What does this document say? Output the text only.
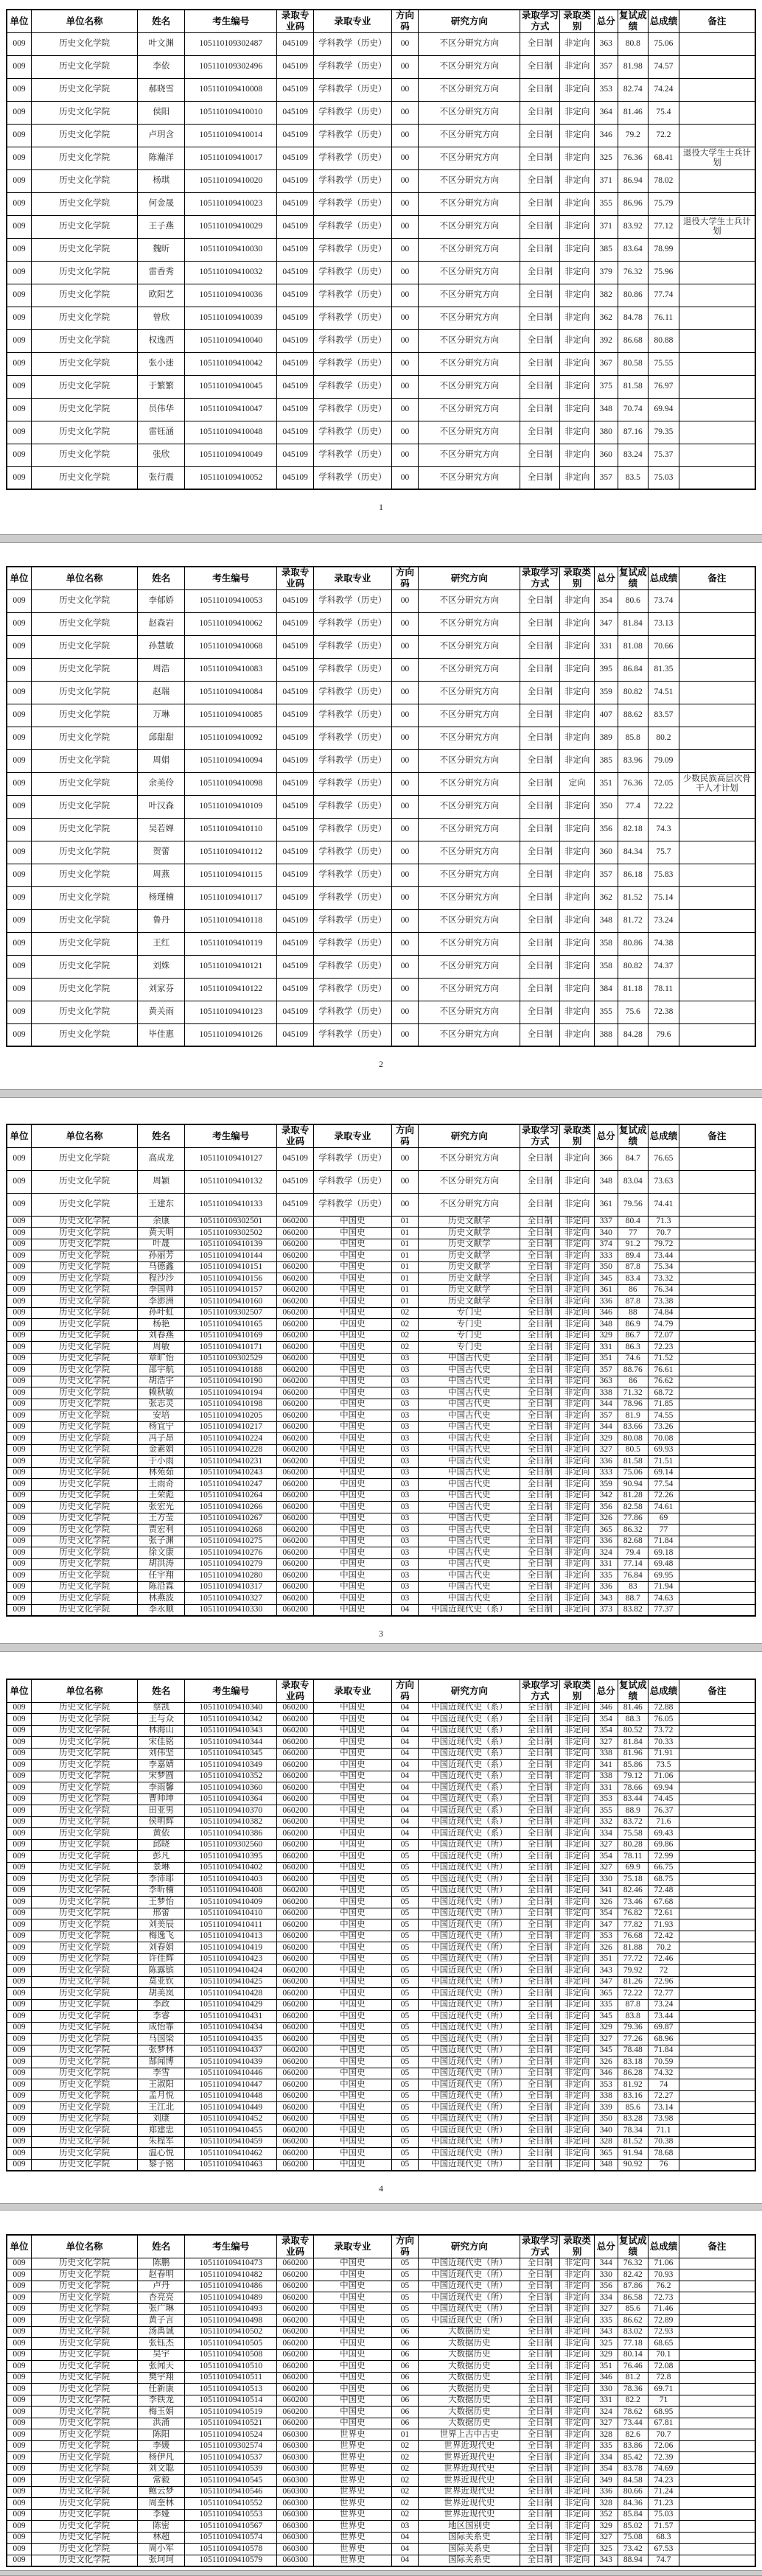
单位	单位名称	姓名	考生编号	录取专业码	录取专业	方向码	研究方向	录取学习方式	录取类别	总分	复试成绩	总成绩	备注
009	历史文化学院	叶文渊	105110109302487	045109	学科教学（历史）	00	不区分研究方向	全日制	非定向	363	80.8	75.06	
009	历史文化学院	李依	105110109302496	045109	学科教学（历史）	00	不区分研究方向	全日制	非定向	357	81.98	74.57	
009	历史文化学院	郝晓雪	105110109410008	045109	学科教学（历史）	00	不区分研究方向	全日制	非定向	353	82.74	74.24	
009	历史文化学院	侯阳	105110109410010	045109	学科教学（历史）	00	不区分研究方向	全日制	非定向	364	81.46	75.4	
009	历史文化学院	卢玥含	105110109410014	045109	学科教学（历史）	00	不区分研究方向	全日制	非定向	346	79.2	72.2	
009	历史文化学院	陈瀚洋	105110109410017	045109	学科教学（历史）	00	不区分研究方向	全日制	非定向	325	76.36	68.41	退役大学生士兵计划
009	历史文化学院	杨琪	105110109410020	045109	学科教学（历史）	00	不区分研究方向	全日制	非定向	371	86.94	78.02	
009	历史文化学院	何金晟	105110109410023	045109	学科教学（历史）	00	不区分研究方向	全日制	非定向	355	86.96	75.79	
009	历史文化学院	王子燕	105110109410029	045109	学科教学（历史）	00	不区分研究方向	全日制	非定向	371	83.92	77.12	退役大学生士兵计划
009	历史文化学院	魏昕	105110109410030	045109	学科教学（历史）	00	不区分研究方向	全日制	非定向	385	83.64	78.99	
009	历史文化学院	雷香秀	105110109410032	045109	学科教学（历史）	00	不区分研究方向	全日制	非定向	379	76.32	75.96	
009	历史文化学院	欧阳艺	105110109410036	045109	学科教学（历史）	00	不区分研究方向	全日制	非定向	382	80.86	77.74	
009	历史文化学院	曾欣	105110109410039	045109	学科教学（历史）	00	不区分研究方向	全日制	非定向	362	84.78	76.11	
009	历史文化学院	权逸西	105110109410040	045109	学科教学（历史）	00	不区分研究方向	全日制	非定向	392	86.68	80.88	
009	历史文化学院	张小迷	105110109410042	045109	学科教学（历史）	00	不区分研究方向	全日制	非定向	367	80.58	75.55	
009	历史文化学院	于繁繁	105110109410045	045109	学科教学（历史）	00	不区分研究方向	全日制	非定向	375	81.58	76.97	
009	历史文化学院	员伟华	105110109410047	045109	学科教学（历史）	00	不区分研究方向	全日制	非定向	348	70.74	69.94	
009	历史文化学院	雷钰涵	105110109410048	045109	学科教学（历史）	00	不区分研究方向	全日制	非定向	380	87.16	79.35	
009	历史文化学院	张欣	105110109410049	045109	学科教学（历史）	00	不区分研究方向	全日制	非定向	360	83.24	75.37	
009	历史文化学院	张行震	105110109410052	045109	学科教学（历史）	00	不区分研究方向	全日制	非定向	357	83.5	75.03	
1
单位	单位名称	姓名	考生编号	录取专业码	录取专业	方向码	研究方向	录取学习方式	录取类别	总分	复试成绩	总成绩	备注
009	历史文化学院	李郁娇	105110109410053	045109	学科教学（历史）	00	不区分研究方向	全日制	非定向	354	80.6	73.74	
009	历史文化学院	赵森岩	105110109410062	045109	学科教学（历史）	00	不区分研究方向	全日制	非定向	347	81.84	73.13	
009	历史文化学院	孙慧敏	105110109410068	045109	学科教学（历史）	00	不区分研究方向	全日制	非定向	331	81.08	70.66	
009	历史文化学院	周浩	105110109410083	045109	学科教学（历史）	00	不区分研究方向	全日制	非定向	395	86.84	81.35	
009	历史文化学院	赵瑞	105110109410084	045109	学科教学（历史）	00	不区分研究方向	全日制	非定向	359	80.82	74.51	
009	历史文化学院	万琳	105110109410085	045109	学科教学（历史）	00	不区分研究方向	全日制	非定向	407	88.62	83.57	
009	历史文化学院	邱甜甜	105110109410092	045109	学科教学（历史）	00	不区分研究方向	全日制	非定向	389	85.8	80.2	
009	历史文化学院	周娟	105110109410094	045109	学科教学（历史）	00	不区分研究方向	全日制	非定向	385	83.96	79.09	
009	历史文化学院	余美伶	105110109410098	045109	学科教学（历史）	00	不区分研究方向	全日制	定向	351	76.36	72.05	少数民族高层次骨干人才计划
009	历史文化学院	叶汉森	105110109410109	045109	学科教学（历史）	00	不区分研究方向	全日制	非定向	350	77.4	72.22	
009	历史文化学院	吴若婵	105110109410110	045109	学科教学（历史）	00	不区分研究方向	全日制	非定向	356	82.18	74.3	
009	历史文化学院	贺蕾	105110109410112	045109	学科教学（历史）	00	不区分研究方向	全日制	非定向	360	84.34	75.7	
009	历史文化学院	周燕	105110109410115	045109	学科教学（历史）	00	不区分研究方向	全日制	非定向	357	86.18	75.83	
009	历史文化学院	杨瑾楠	105110109410117	045109	学科教学（历史）	00	不区分研究方向	全日制	非定向	362	81.52	75.14	
009	历史文化学院	鲁丹	105110109410118	045109	学科教学（历史）	00	不区分研究方向	全日制	非定向	348	81.72	73.24	
009	历史文化学院	王红	105110109410119	045109	学科教学（历史）	00	不区分研究方向	全日制	非定向	358	80.86	74.38	
009	历史文化学院	刘姝	105110109410121	045109	学科教学（历史）	00	不区分研究方向	全日制	非定向	358	80.82	74.37	
009	历史文化学院	刘家芬	105110109410122	045109	学科教学（历史）	00	不区分研究方向	全日制	非定向	384	81.18	78.11	
009	历史文化学院	黄关雨	105110109410123	045109	学科教学（历史）	00	不区分研究方向	全日制	非定向	355	75.6	72.38	
009	历史文化学院	毕佳惠	105110109410126	045109	学科教学（历史）	00	不区分研究方向	全日制	非定向	388	84.28	79.6	
2
单位	单位名称	姓名	考生编号	录取专业码	录取专业	方向码	研究方向	录取学习方式	录取类别	总分	复试成绩	总成绩	备注
009	历史文化学院	高成龙	105110109410127	045109	学科教学（历史）	00	不区分研究方向	全日制	非定向	366	84.7	76.65	
009	历史文化学院	周颖	105110109410132	045109	学科教学（历史）	00	不区分研究方向	全日制	非定向	348	83.04	73.63	
009	历史文化学院	王建东	105110109410133	045109	学科教学（历史）	00	不区分研究方向	全日制	非定向	361	79.56	74.41	
009	历史文化学院	余康	105110109302501	060200	中国史	01	历史文献学	全日制	非定向	337	80.4	71.3	
009	历史文化学院	黄天明	105110109302502	060200	中国史	01	历史文献学	全日制	非定向	340	77	70.7	
009	历史文化学院	叶晟	105110109410139	060200	中国史	01	历史文献学	全日制	非定向	374	91.2	79.72	
009	历史文化学院	孙丽芳	105110109410144	060200	中国史	01	历史文献学	全日制	非定向	333	89.4	73.44	
009	历史文化学院	马德鑫	105110109410151	060200	中国史	01	历史文献学	全日制	非定向	350	87.8	75.34	
009	历史文化学院	程沙沙	105110109410156	060200	中国史	01	历史文献学	全日制	非定向	345	83.4	73.32	
009	历史文化学院	李国帅	105110109410157	060200	中国史	01	历史文献学	全日制	非定向	361	86	76.34	
009	历史文化学院	李澎洲	105110109410160	060200	中国史	01	历史文献学	全日制	非定向	336	87.8	73.38	
009	历史文化学院	孙叶虹	105110109302507	060200	中国史	02	专门史	全日制	非定向	346	88	74.84	
009	历史文化学院	杨艳	105110109410165	060200	中国史	02	专门史	全日制	非定向	348	86.9	74.79	
009	历史文化学院	刘春燕	105110109410169	060200	中国史	02	专门史	全日制	非定向	329	86.7	72.07	
009	历史文化学院	周敏	105110109410171	060200	中国史	02	专门史	全日制	非定向	331	86.3	72.23	
009	历史文化学院	章旷怡	105110109302529	060200	中国史	03	中国古代史	全日制	非定向	351	74.6	71.52	
009	历史文化学院	邵宇航	105110109410188	060200	中国史	03	中国古代史	全日制	非定向	357	88.76	76.61	
009	历史文化学院	胡浩宇	105110109410190	060200	中国史	03	中国古代史	全日制	非定向	363	86	76.62	
009	历史文化学院	赖秋敏	105110109410194	060200	中国史	03	中国古代史	全日制	非定向	338	71.32	68.72	
009	历史文化学院	张志灵	105110109410198	060200	中国史	03	中国古代史	全日制	非定向	344	78.96	71.85	
009	历史文化学院	安培	105110109410205	060200	中国史	03	中国古代史	全日制	非定向	357	81.9	74.55	
009	历史文化学院	杨宜宁	105110109410217	060200	中国史	03	中国古代史	全日制	非定向	344	83.66	73.26	
009	历史文化学院	冯子昂	105110109410224	060200	中国史	03	中国古代史	全日制	非定向	329	80.08	70.08	
009	历史文化学院	金素娟	105110109410228	060200	中国史	03	中国古代史	全日制	非定向	327	80.5	69.93	
009	历史文化学院	于小雨	105110109410231	060200	中国史	03	中国古代史	全日制	非定向	336	81.58	71.51	
009	历史文化学院	林苑茹	105110109410243	060200	中国史	03	中国古代史	全日制	非定向	333	75.06	69.14	
009	历史文化学院	王雨奇	105110109410247	060200	中国史	03	中国古代史	全日制	非定向	359	90.94	77.54	
009	历史文化学院	王荣彪	105110109410264	060200	中国史	03	中国古代史	全日制	非定向	342	81.28	72.26	
009	历史文化学院	张宏光	105110109410266	060200	中国史	03	中国古代史	全日制	非定向	356	82.58	74.61	
009	历史文化学院	王方莹	105110109410267	060200	中国史	03	中国古代史	全日制	非定向	326	77.86	69	
009	历史文化学院	贾宏利	105110109410268	060200	中国史	03	中国古代史	全日制	非定向	365	86.32	77	
009	历史文化学院	张子渊	105110109410275	060200	中国史	03	中国古代史	全日制	非定向	336	82.68	71.84	
009	历史文化学院	徐文康	105110109410276	060200	中国史	03	中国古代史	全日制	非定向	324	79.4	69.18	
009	历史文化学院	胡洪涛	105110109410279	060200	中国史	03	中国古代史	全日制	非定向	331	77.14	69.48	
009	历史文化学院	任宇翔	105110109410280	060200	中国史	03	中国古代史	全日制	非定向	335	76.84	69.95	
009	历史文化学院	陈沿霖	105110109410317	060200	中国史	03	中国古代史	全日制	非定向	336	83	71.94	
009	历史文化学院	林燕波	105110109410327	060200	中国史	03	中国古代史	全日制	非定向	343	88.7	74.63	
009	历史文化学院	李永顺	105110109410330	060200	中国史	04	中国近现代史（系）	全日制	非定向	373	83.82	77.37	
3
单位	单位名称	姓名	考生编号	录取专业码	录取专业	方向码	研究方向	录取学习方式	录取类别	总分	复试成绩	总成绩	备注
009	历史文化学院	蔡凯	105110109410340	060200	中国史	04	中国近现代史（系）	全日制	非定向	346	81.46	72.88	
009	历史文化学院	王与众	105110109410342	060200	中国史	04	中国近现代史（系）	全日制	非定向	354	88.3	76.05	
009	历史文化学院	林海山	105110109410343	060200	中国史	04	中国近现代史（系）	全日制	非定向	354	80.52	73.72	
009	历史文化学院	宋佳铭	105110109410344	060200	中国史	04	中国近现代史（系）	全日制	非定向	327	81.84	70.33	
009	历史文化学院	刘伟坚	105110109410345	060200	中国史	04	中国近现代史（系）	全日制	非定向	338	81.96	71.91	
009	历史文化学院	李嘉婧	105110109410349	060200	中国史	04	中国近现代史（系）	全日制	非定向	341	85.86	73.5	
009	历史文化学院	宋梦圆	105110109410352	060200	中国史	04	中国近现代史（系）	全日制	非定向	338	79.12	71.06	
009	历史文化学院	李雨馨	105110109410360	060200	中国史	04	中国近现代史（系）	全日制	非定向	331	78.66	69.94	
009	历史文化学院	曹帅坤	105110109410364	060200	中国史	04	中国近现代史（系）	全日制	非定向	353	83.44	74.45	
009	历史文化学院	田亚男	105110109410370	060200	中国史	04	中国近现代史（系）	全日制	非定向	355	88.9	76.37	
009	历史文化学院	侯明辉	105110109410382	060200	中国史	04	中国近现代史（系）	全日制	非定向	332	83.72	71.6	
009	历史文化学院	黄依	105110109410386	060200	中国史	04	中国近现代史（系）	全日制	非定向	334	75.58	69.43	
009	历史文化学院	邱晓	105110109302560	060200	中国史	05	中国近现代史（所）	全日制	非定向	327	80.28	69.86	
009	历史文化学院	彭凡	105110109410395	060200	中国史	05	中国近现代史（所）	全日制	非定向	354	78.11	72.99	
009	历史文化学院	景琳	105110109410402	060200	中国史	05	中国近现代史（所）	全日制	非定向	327	69.9	66.75	
009	历史文化学院	李沛耶	105110109410403	060200	中国史	05	中国近现代史（所）	全日制	非定向	330	75.18	68.75	
009	历史文化学院	李昕楠	105110109410408	060200	中国史	05	中国近现代史（所）	全日制	非定向	341	82.46	72.48	
009	历史文化学院	王梦怡	105110109410409	060200	中国史	05	中国近现代史（所）	全日制	非定向	326	73.46	67.68	
009	历史文化学院	邢蕾	105110109410410	060200	中国史	05	中国近现代史（所）	全日制	非定向	354	76.82	72.61	
009	历史文化学院	刘美辰	105110109410411	060200	中国史	05	中国近现代史（所）	全日制	非定向	347	77.82	71.93	
009	历史文化学院	梅逸飞	105110109410413	060200	中国史	05	中国近现代史（所）	全日制	非定向	353	76.68	72.42	
009	历史文化学院	刘春娟	105110109410419	060200	中国史	05	中国近现代史（所）	全日制	非定向	326	81.88	70.2	
009	历史文化学院	许佳辉	105110109410423	060200	中国史	05	中国近现代史（所）	全日制	非定向	351	77.72	72.46	
009	历史文化学院	陈露镔	105110109410424	060200	中国史	05	中国近现代史（所）	全日制	非定向	343	79.92	72	
009	历史文化学院	莫亚钦	105110109410425	060200	中国史	05	中国近现代史（所）	全日制	非定向	347	81.26	72.96	
009	历史文化学院	胡美岚	105110109410428	060200	中国史	05	中国近现代史（所）	全日制	非定向	365	72.22	72.77	
009	历史文化学院	李政	105110109410429	060200	中国史	05	中国近现代史（所）	全日制	非定向	335	87.8	73.24	
009	历史文化学院	李睿	105110109410431	060200	中国史	05	中国近现代史（所）	全日制	非定向	345	83.8	73.44	
009	历史文化学院	成怡霏	105110109410434	060200	中国史	05	中国近现代史（所）	全日制	非定向	329	79.36	69.87	
009	历史文化学院	马国梁	105110109410435	060200	中国史	05	中国近现代史（所）	全日制	非定向	327	77.26	68.96	
009	历史文化学院	张梦林	105110109410437	060200	中国史	05	中国近现代史（所）	全日制	非定向	345	78.48	71.84	
009	历史文化学院	郜闻博	105110109410439	060200	中国史	05	中国近现代史（所）	全日制	非定向	326	83.18	70.59	
009	历史文化学院	李雪	105110109410446	060200	中国史	05	中国近现代史（所）	全日制	非定向	346	86.28	74.32	
009	历史文化学院	王淑阳	105110109410447	060200	中国史	05	中国近现代史（所）	全日制	非定向	353	81.92	74	
009	历史文化学院	孟月悦	105110109410448	060200	中国史	05	中国近现代史（所）	全日制	非定向	338	83.16	72.27	
009	历史文化学院	王江北	105110109410449	060200	中国史	05	中国近现代史（所）	全日制	非定向	339	85.6	73.14	
009	历史文化学院	刘康	105110109410452	060200	中国史	05	中国近现代史（所）	全日制	非定向	350	83.28	73.98	
009	历史文化学院	郑建忠	105110109410455	060200	中国史	05	中国近现代史（所）	全日制	非定向	340	78.34	71.1	
009	历史文化学院	朱程军	105110109410459	060200	中国史	05	中国近现代史（所）	全日制	非定向	328	81.52	70.38	
009	历史文化学院	温心悦	105110109410462	060200	中国史	05	中国近现代史（所）	全日制	非定向	365	91.94	78.68	
009	历史文化学院	黎子铭	105110109410463	060200	中国史	05	中国近现代史（所）	全日制	非定向	348	90.92	76	
4
单位	单位名称	姓名	考生编号	录取专业码	录取专业	方向码	研究方向	录取学习方式	录取类别	总分	复试成绩	总成绩	备注
009	历史文化学院	陈鹏	105110109410473	060200	中国史	05	中国近现代史（所）	全日制	非定向	344	76.32	71.06	
009	历史文化学院	赵春明	105110109410482	060200	中国史	05	中国近现代史（所）	全日制	非定向	330	82.42	70.93	
009	历史文化学院	卢丹	105110109410486	060200	中国史	05	中国近现代史（所）	全日制	非定向	356	87.86	76.2	
009	历史文化学院	杏亮亮	105110109410489	060200	中国史	05	中国近现代史（所）	全日制	非定向	334	86.58	72.73	
009	历史文化学院	张广琳	105110109410493	060200	中国史	05	中国近现代史（所）	全日制	非定向	327	85.6	71.46	
009	历史文化学院	黄子言	105110109410498	060200	中国史	05	中国近现代史（所）	全日制	非定向	335	86.62	72.89	
009	历史文化学院	汤禹诚	105110109410502	060200	中国史	06	大数据历史	全日制	非定向	343	83.02	72.93	
009	历史文化学院	张钰杰	105110109410505	060200	中国史	06	大数据历史	全日制	非定向	325	77.18	68.65	
009	历史文化学院	吴宇	105110109410508	060200	中国史	06	大数据历史	全日制	非定向	329	80.14	70.1	
009	历史文化学院	张闻天	105110109410510	060200	中国史	06	大数据历史	全日制	非定向	351	76.46	72.08	
009	历史文化学院	樊宇翔	105110109410511	060200	中国史	06	大数据历史	全日制	非定向	346	81.2	72.8	
009	历史文化学院	任新康	105110109410513	060200	中国史	06	大数据历史	全日制	非定向	330	78.36	69.71	
009	历史文化学院	李铁龙	105110109410514	060200	中国史	06	大数据历史	全日制	非定向	331	82.2	71	
009	历史文化学院	梅玉娟	105110109410519	060200	中国史	06	大数据历史	全日制	非定向	324	78.62	68.95	
009	历史文化学院	洪涌	105110109410521	060200	中国史	06	大数据历史	全日制	非定向	327	73.44	67.81	
009	历史文化学院	陈阳	105110109410524	060300	世界史	01	世界上古中古史	全日制	非定向	328	82.6	70.7	
009	历史文化学院	李媛	105110109302574	060300	世界史	02	世界近现代史	全日制	非定向	335	83.86	72.06	
009	历史文化学院	杨伊凡	105110109410537	060300	世界史	02	世界近现代史	全日制	非定向	334	85.42	72.39	
009	历史文化学院	刘文聪	105110109410539	060300	世界史	02	世界近现代史	全日制	非定向	354	83.78	74.69	
009	历史文化学院	常毅	105110109410545	060300	世界史	02	世界近现代史	全日制	非定向	349	84.58	74.23	
009	历史文化学院	鲍云梦	105110109410546	060300	世界史	02	世界近现代史	全日制	非定向	336	80.66	71.24	
009	历史文化学院	周奎林	105110109410552	060300	世界史	02	世界近现代史	全日制	非定向	328	84.36	71.23	
009	历史文化学院	李娅	105110109410553	060300	世界史	02	世界近现代史	全日制	非定向	352	85.84	75.03	
009	历史文化学院	陈密	105110109410567	060300	世界史	03	地区国别史	全日制	非定向	329	85.02	71.57	
009	历史文化学院	林超	105110109410574	060300	世界史	04	国际关系史	全日制	非定向	327	75.08	68.3	
009	历史文化学院	周小军	105110109410578	060300	世界史	04	国际关系史	全日制	非定向	325	73.42	67.53	
009	历史文化学院	张珂珂	105110109410579	060300	世界史	04	国际关系史	全日制	非定向	343	88.94	74.7	
